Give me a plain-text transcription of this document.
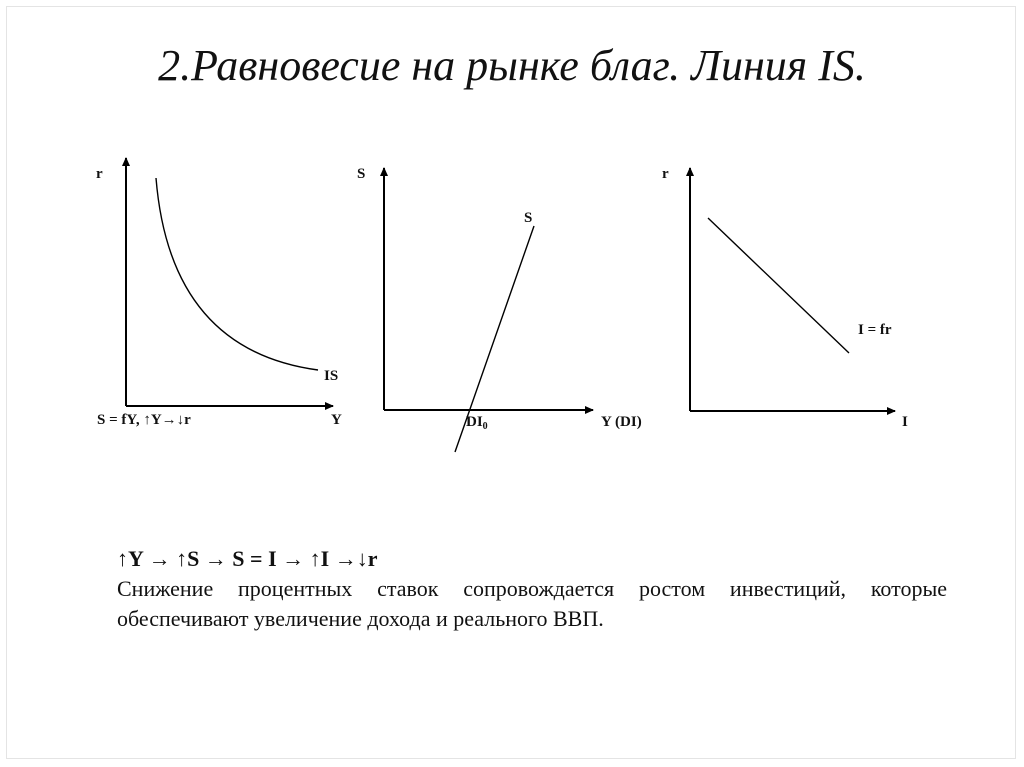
2.Равновесие на рынке благ. Линия IS.
r
Y
IS
S = fY, ↑Y→↓r
S
Y (DI)
S
$DI_0$
r
I
I = fr
↑Y → ↑S → S = I → ↑I →↓r
Снижение процентных ставок сопровождается ростом инвестиций, которые обеспечивают увеличение дохода и реального ВВП.
